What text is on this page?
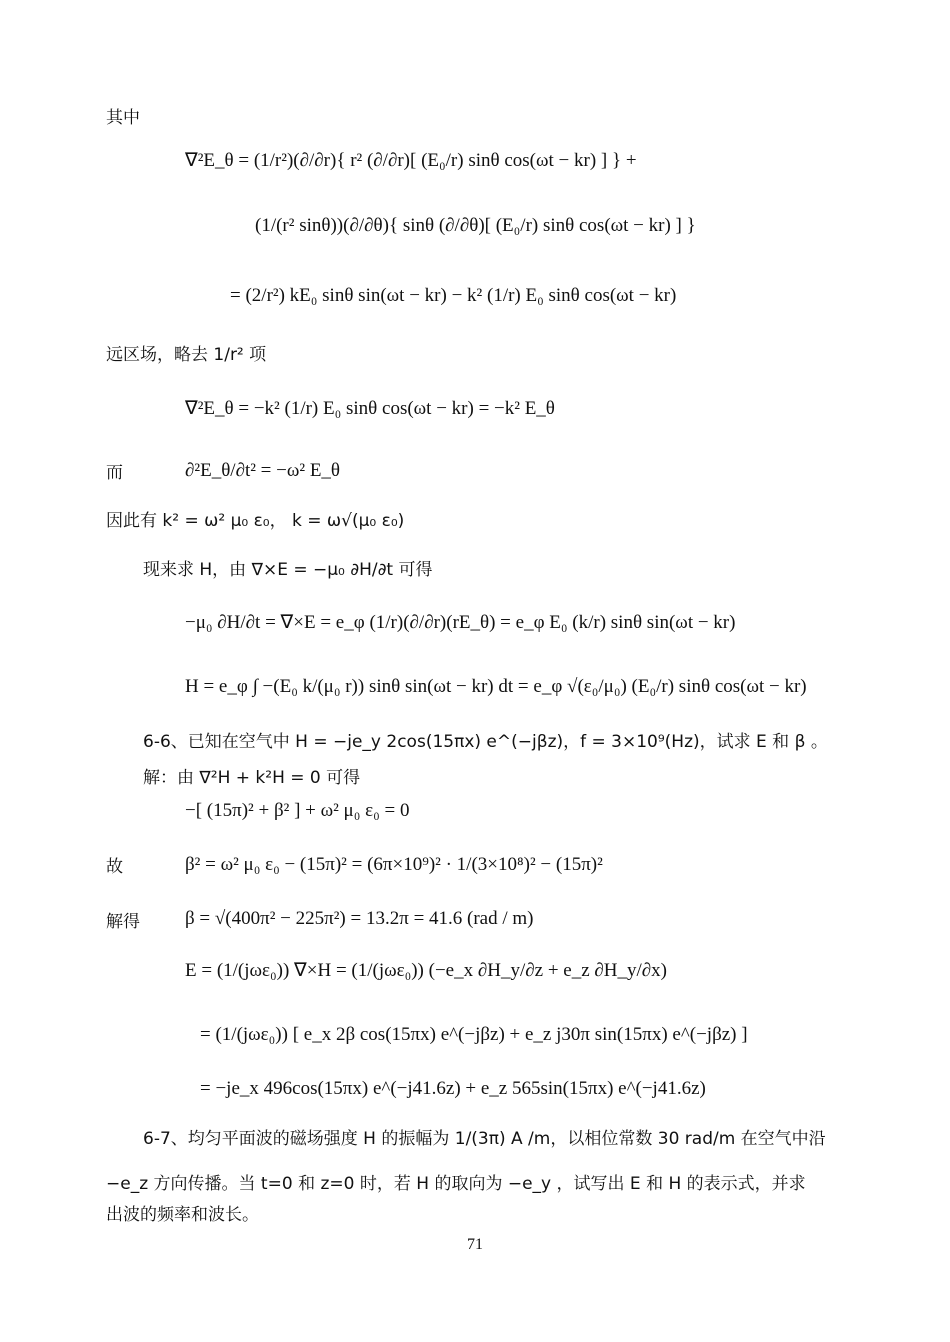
其中
∇²E_θ = (1/r²)(∂/∂r){ r² (∂/∂r)[ (E₀/r) sinθ cos(ωt − kr) ] } +
(1/(r² sinθ))(∂/∂θ){ sinθ (∂/∂θ)[ (E₀/r) sinθ cos(ωt − kr) ] }
= (2/r²) kE₀ sinθ sin(ωt − kr) − k² (1/r) E₀ sinθ cos(ωt − kr)
远区场，略去 1/r² 项
∇²E_θ = −k² (1/r) E₀ sinθ cos(ωt − kr) = −k² E_θ
而	∂²E_θ/∂t² = −ω² E_θ
因此有 k² = ω² μ₀ ε₀， k = ω√(μ₀ ε₀)
现来求 H，由 ∇×E = −μ₀ ∂H/∂t 可得
−μ₀ ∂H/∂t = ∇×E = e_φ (1/r)(∂/∂r)(rE_θ) = e_φ E₀ (k/r) sinθ sin(ωt − kr)
H = e_φ ∫ −(E₀ k/(μ₀ r)) sinθ sin(ωt − kr) dt = e_φ √(ε₀/μ₀) (E₀/r) sinθ cos(ωt − kr)
6-6、已知在空气中 H = −je_y 2cos(15πx) e^(−jβz)，f = 3×10⁹(Hz)，试求 E 和 β 。
解：由 ∇²H + k²H = 0 可得
−[ (15π)² + β² ] + ω² μ₀ ε₀ = 0
故	β² = ω² μ₀ ε₀ − (15π)² = (6π×10⁹)² · 1/(3×10⁸)² − (15π)²
解得 β = √(400π² − 225π²) = 13.2π = 41.6 (rad / m)
E = (1/(jωε₀)) ∇×H = (1/(jωε₀)) (−e_x ∂H_y/∂z + e_z ∂H_y/∂x)
= (1/(jωε₀)) [ e_x 2β cos(15πx) e^(−jβz) + e_z j30π sin(15πx) e^(−jβz) ]
= −je_x 496cos(15πx) e^(−j41.6z) + e_z 565sin(15πx) e^(−j41.6z)
6-7、均匀平面波的磁场强度 H 的振幅为 1/(3π) A /m，以相位常数 30 rad/m 在空气中沿
−e_z 方向传播。当 t=0 和 z=0 时，若 H 的取向为 −e_y ，试写出 E 和 H 的表示式，并求
出波的频率和波长。
71
